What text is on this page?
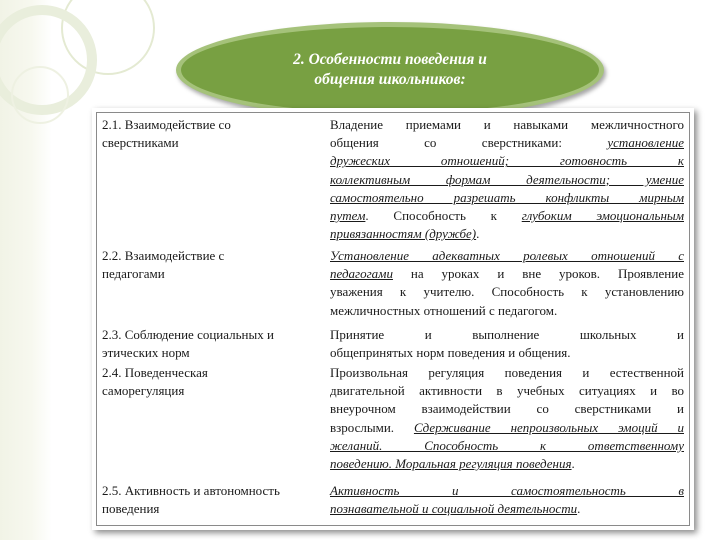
2. Особенности поведения и
общения школьников:
2.1. Взаимодействие со
сверстниками
Владение приемами и навыками межличностного
общения со сверстниками: установление
дружеских отношений; готовность к
коллективным формам деятельности; умение
самостоятельно разрешать конфликты мирным
путем. Способность к глубоким эмоциональным
привязанностям (дружбе).
2.2. Взаимодействие с
педагогами
Установление адекватных ролевых отношений с
педагогами на уроках и вне уроков. Проявление
уважения к учителю. Способность к установлению
межличностных отношений с педагогом.
2.3. Соблюдение социальных и
этических норм
Принятие и выполнение школьных и
общепринятых норм поведения и общения.
2.4. Поведенческая
саморегуляция
Произвольная регуляция поведения и естественной
двигательной активности в учебных ситуациях и во
внеурочном взаимодействии со сверстниками и
взрослыми. Сдерживание непроизвольных эмоций и
желаний. Способность к ответственному
поведению. Моральная регуляция поведения.
2.5. Активность и автономность
поведения
Активность и самостоятельность в
познавательной и социальной деятельности.
